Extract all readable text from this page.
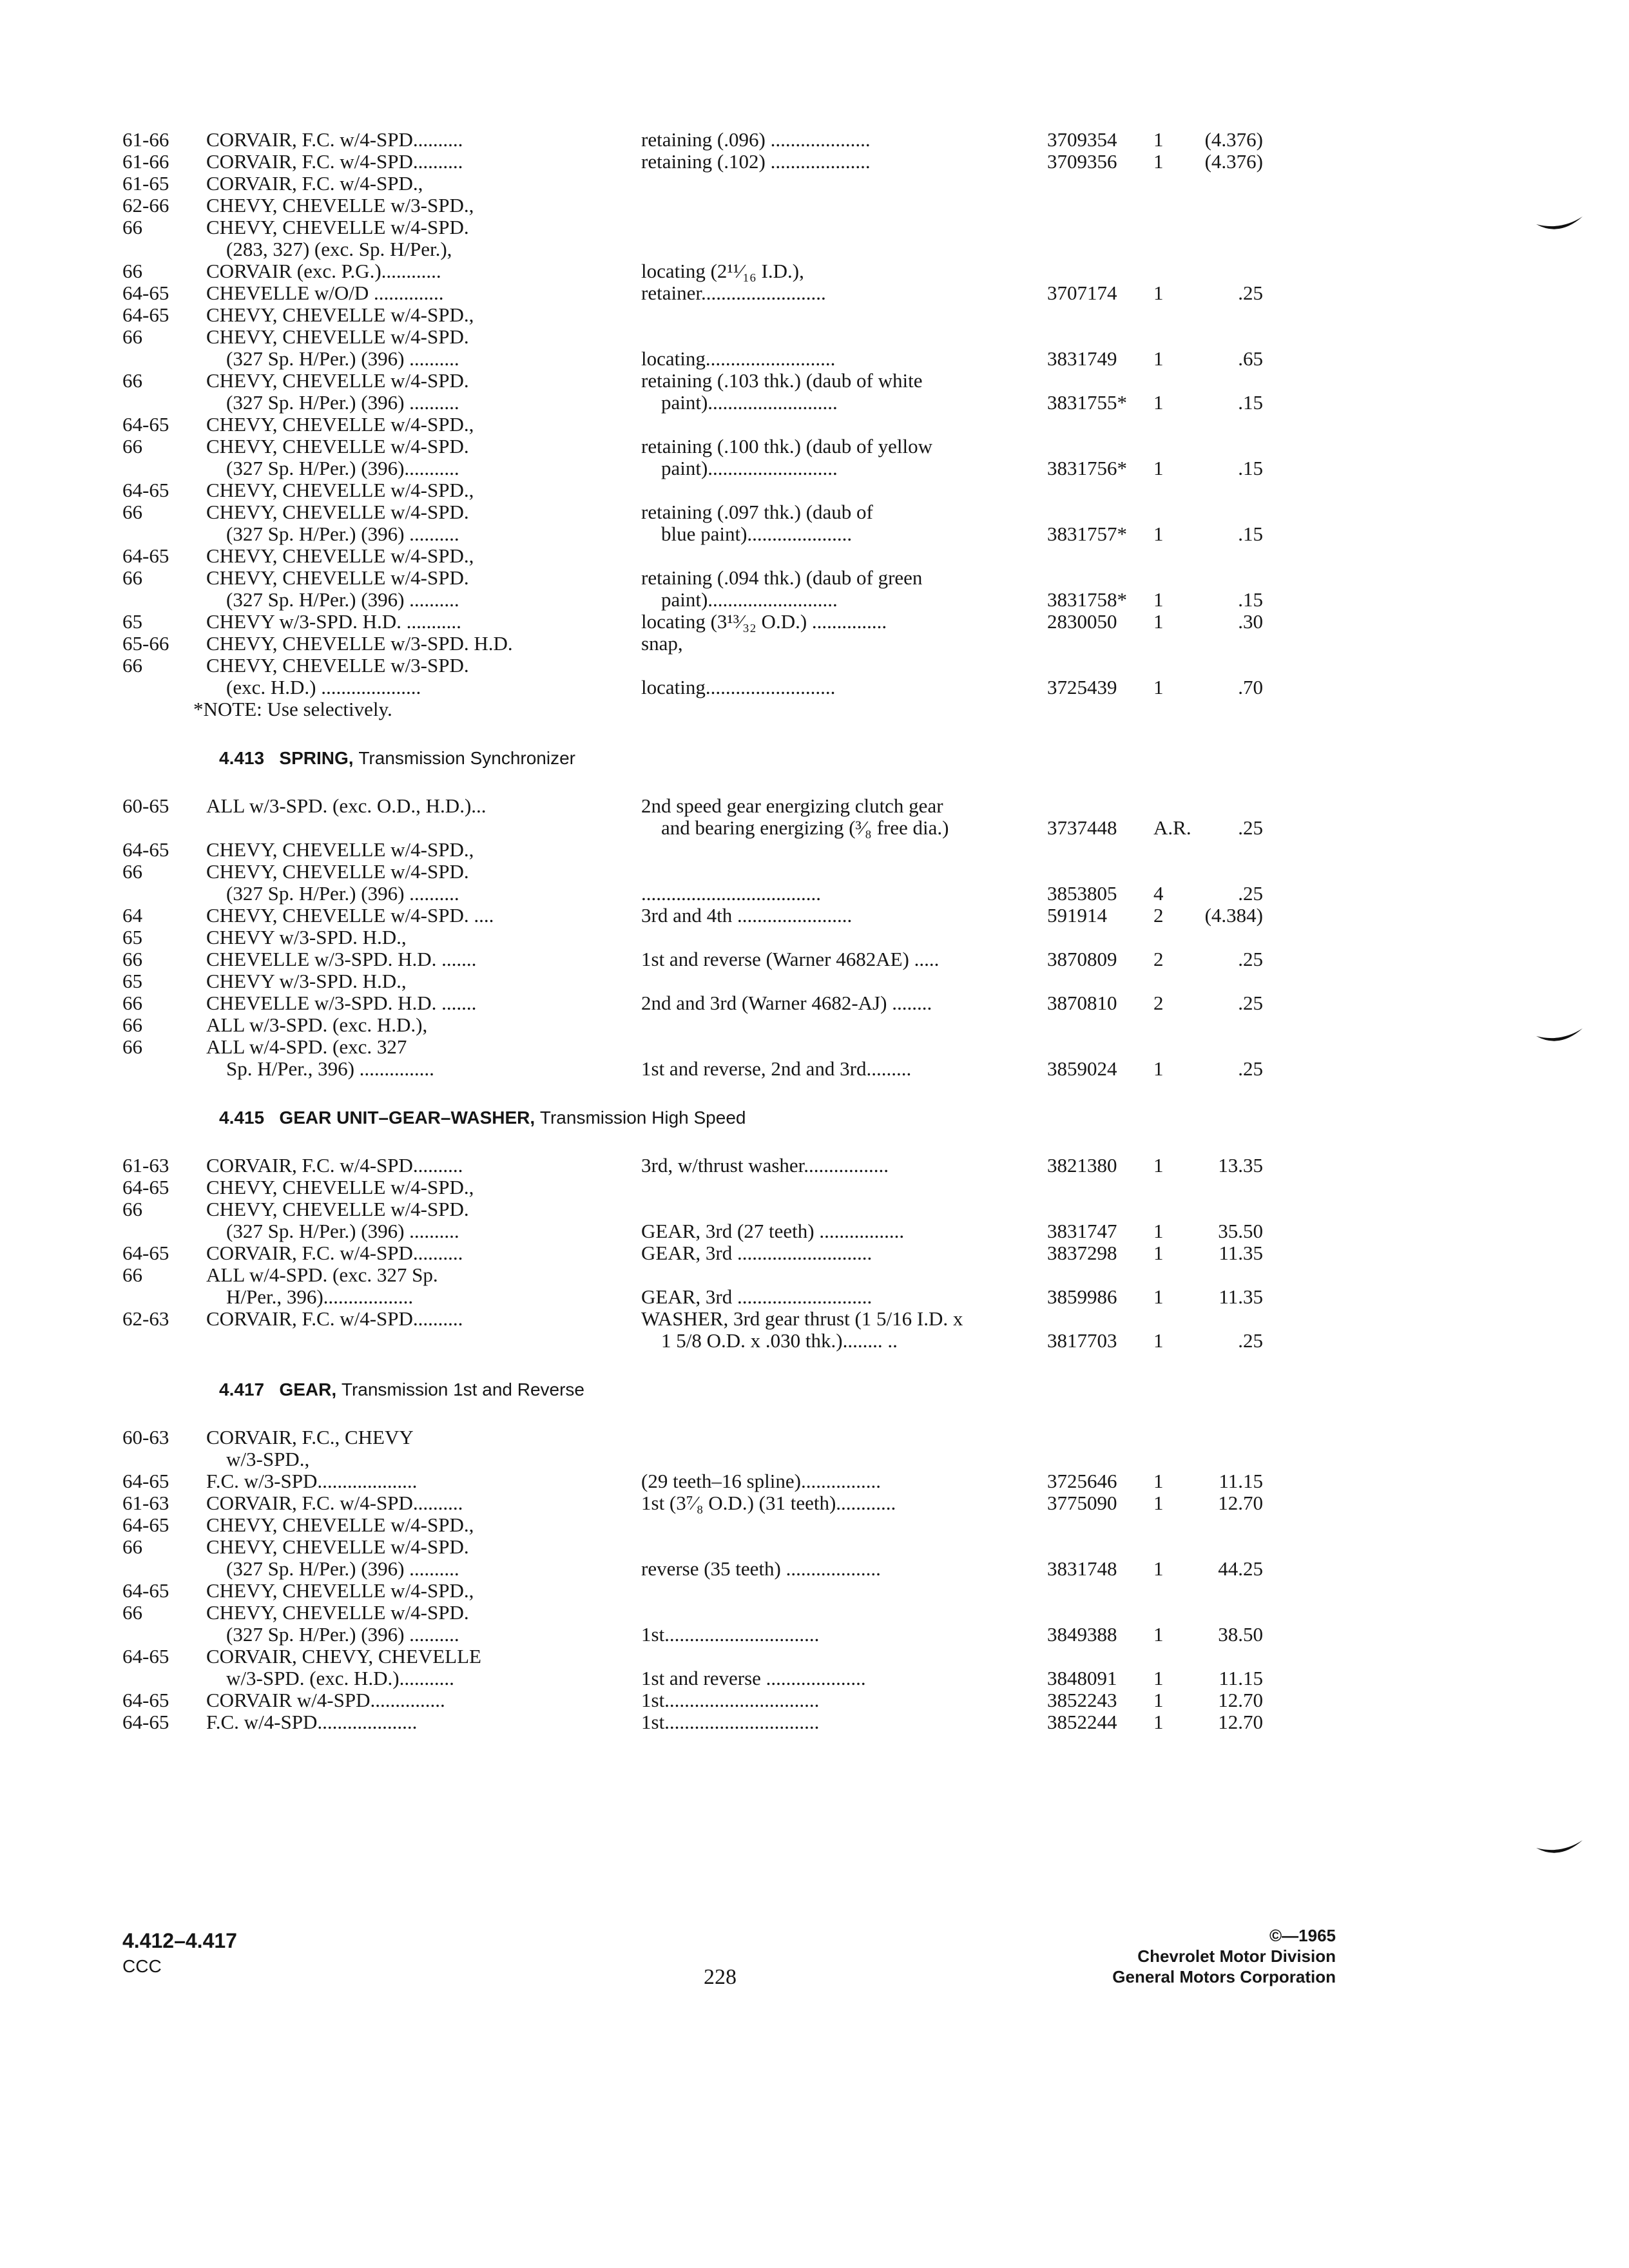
61-66	CORVAIR, F.C. w/4-SPD..........	retaining (.096) ....................	3709354	1	(4.376)
61-66	CORVAIR, F.C. w/4-SPD..........	retaining (.102) ....................	3709356	1	(4.376)
61-65	CORVAIR, F.C. w/4-SPD.,
62-66	CHEVY, CHEVELLE w/3-SPD.,
66	CHEVY, CHEVELLE w/4-SPD.
(283, 327) (exc. Sp. H/Per.),
66	CORVAIR (exc. P.G.)............	locating (2¹¹⁄₁₆ I.D.),
64-65	CHEVELLE w/O/D ..............	retainer.........................	3707174	1	.25
64-65	CHEVY, CHEVELLE w/4-SPD.,
66	CHEVY, CHEVELLE w/4-SPD.
(327 Sp. H/Per.) (396) ..........	locating..........................	3831749	1	.65
66	CHEVY, CHEVELLE w/4-SPD.	retaining (.103 thk.) (daub of white
(327 Sp. H/Per.) (396) ..........	paint)..........................	3831755*	1	.15
64-65	CHEVY, CHEVELLE w/4-SPD.,
66	CHEVY, CHEVELLE w/4-SPD.	retaining (.100 thk.) (daub of yellow
(327 Sp. H/Per.) (396)...........	paint)..........................	3831756*	1	.15
64-65	CHEVY, CHEVELLE w/4-SPD.,
66	CHEVY, CHEVELLE w/4-SPD.	retaining (.097 thk.) (daub of
(327 Sp. H/Per.) (396) ..........	blue paint).....................	3831757*	1	.15
64-65	CHEVY, CHEVELLE w/4-SPD.,
66	CHEVY, CHEVELLE w/4-SPD.	retaining (.094 thk.) (daub of green
(327 Sp. H/Per.) (396) ..........	paint)..........................	3831758*	1	.15
65	CHEVY w/3-SPD. H.D. ...........	locating (3¹³⁄₃₂ O.D.) ...............	2830050	1	.30
65-66	CHEVY, CHEVELLE w/3-SPD. H.D.	snap,
66	CHEVY, CHEVELLE w/3-SPD.
(exc. H.D.) ....................	locating..........................	3725439	1	.70
*NOTE: Use selectively.
4.413 SPRING, Transmission Synchronizer
60-65	ALL w/3-SPD. (exc. O.D., H.D.)...	2nd speed gear energizing clutch gear
and bearing energizing (³⁄₈ free dia.)	3737448	A.R.	.25
64-65	CHEVY, CHEVELLE w/4-SPD.,
66	CHEVY, CHEVELLE w/4-SPD.
(327 Sp. H/Per.) (396) ..........	....................................	3853805	4	.25
64	CHEVY, CHEVELLE w/4-SPD. ....	3rd and 4th .......................	591914	2	(4.384)
65	CHEVY w/3-SPD. H.D.,
66	CHEVELLE w/3-SPD. H.D. .......	1st and reverse (Warner 4682AE) .....	3870809	2	.25
65	CHEVY w/3-SPD. H.D.,
66	CHEVELLE w/3-SPD. H.D. .......	2nd and 3rd (Warner 4682-AJ) ........	3870810	2	.25
66	ALL w/3-SPD. (exc. H.D.),
66	ALL w/4-SPD. (exc. 327
Sp. H/Per., 396) ...............	1st and reverse, 2nd and 3rd.........	3859024	1	.25
4.415 GEAR UNIT–GEAR–WASHER, Transmission High Speed
61-63	CORVAIR, F.C. w/4-SPD..........	3rd, w/thrust washer.................	3821380	1	13.35
64-65	CHEVY, CHEVELLE w/4-SPD.,
66	CHEVY, CHEVELLE w/4-SPD.
(327 Sp. H/Per.) (396) ..........	GEAR, 3rd (27 teeth) .................	3831747	1	35.50
64-65	CORVAIR, F.C. w/4-SPD..........	GEAR, 3rd ...........................	3837298	1	11.35
66	ALL w/4-SPD. (exc. 327 Sp.
H/Per., 396)..................	GEAR, 3rd ...........................	3859986	1	11.35
62-63	CORVAIR, F.C. w/4-SPD..........	WASHER, 3rd gear thrust (1 5/16 I.D. x
1 5/8 O.D. x .030 thk.)........ ..	3817703	1	.25
4.417 GEAR, Transmission 1st and Reverse
60-63	CORVAIR, F.C., CHEVY
w/3-SPD.,
64-65	F.C. w/3-SPD....................	(29 teeth–16 spline)................	3725646	1	11.15
61-63	CORVAIR, F.C. w/4-SPD..........	1st (3⁷⁄₈ O.D.) (31 teeth)............	3775090	1	12.70
64-65	CHEVY, CHEVELLE w/4-SPD.,
66	CHEVY, CHEVELLE w/4-SPD.
(327 Sp. H/Per.) (396) ..........	reverse (35 teeth) ...................	3831748	1	44.25
64-65	CHEVY, CHEVELLE w/4-SPD.,
66	CHEVY, CHEVELLE w/4-SPD.
(327 Sp. H/Per.) (396) ..........	1st...............................	3849388	1	38.50
64-65	CORVAIR, CHEVY, CHEVELLE
w/3-SPD. (exc. H.D.)...........	1st and reverse ....................	3848091	1	11.15
64-65	CORVAIR w/4-SPD...............	1st...............................	3852243	1	12.70
64-65	F.C. w/4-SPD....................	1st...............................	3852244	1	12.70
4.412–4.417
CCC	228
©—1965
Chevrolet Motor Division
General Motors Corporation
